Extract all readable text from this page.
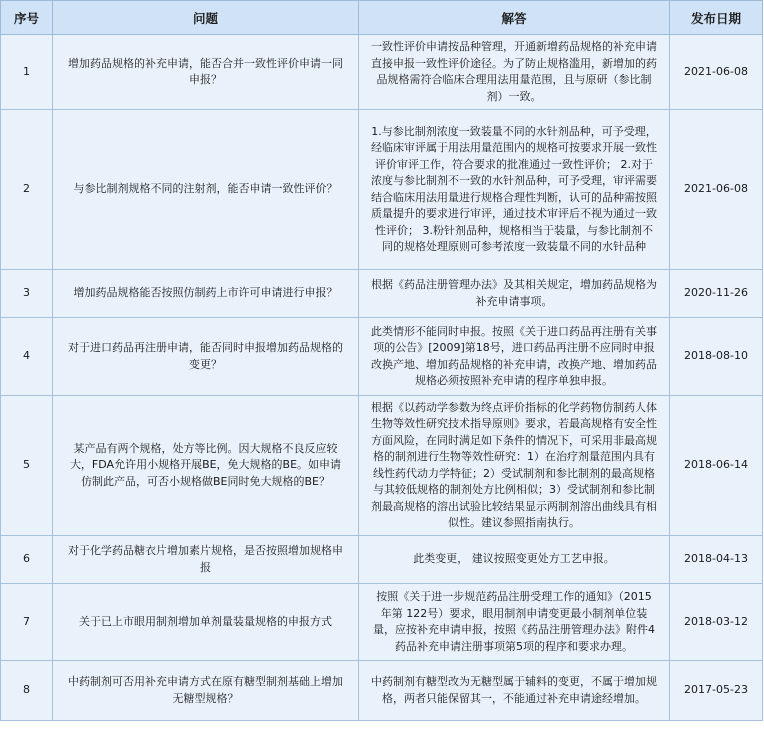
序号	问题	解答	发布日期
1	增加药品规格的补充申请，能否合并一致性评价申请一同申报？	一致性评价申请按品种管理，开通新增药品规格的补充申请直接申报一致性评价途径。为了防止规格滥用，新增加的药品规格需符合临床合理用法用量范围，且与原研（参比制剂）一致。	2021-06-08
2	与参比制剂规格不同的注射剂，能否申请一致性评价？	1.与参比制剂浓度一致装量不同的水针剂品种，可予受理，经临床审评属于用法用量范围内的规格可按要求开展一致性评价审评工作，符合要求的批准通过一致性评价； 2.对于浓度与参比制剂不一致的水针剂品种，可予受理，审评需要结合临床用法用量进行规格合理性判断，认可的品种需按照质量提升的要求进行审评，通过技术审评后不视为通过一致性评价； 3.粉针剂品种，规格相当于装量，与参比制剂不同的规格处理原则可参考浓度一致装量不同的水针品种	2021-06-08
3	增加药品规格能否按照仿制药上市许可申请进行申报？	根据《药品注册管理办法》及其相关规定，增加药品规格为补充申请事项。	2020-11-26
4	对于进口药品再注册申请，能否同时申报增加药品规格的变更？	此类情形不能同时申报。按照《关于进口药品再注册有关事项的公告》[2009]第18号，进口药品再注册不应同时申报改换产地、增加药品规格的补充申请，改换产地、增加药品规格必须按照补充申请的程序单独申报。	2018-08-10
5	某产品有两个规格，处方等比例。因大规格不良反应较大，FDA允许用小规格开展BE，免大规格的BE。如申请仿制此产品，可否小规格做BE同时免大规格的BE？	根据《以药动学参数为终点评价指标的化学药物仿制药人体生物等效性研究技术指导原则》要求，若最高规格有安全性方面风险，在同时满足如下条件的情况下，可采用非最高规格的制剂进行生物等效性研究：1）在治疗剂量范围内具有线性药代动力学特征；2）受试制剂和参比制剂的最高规格与其较低规格的制剂处方比例相似；3）受试制剂和参比制剂最高规格的溶出试验比较结果显示两制剂溶出曲线具有相似性。建议参照指南执行。	2018-06-14
6	对于化学药品糖衣片增加素片规格，是否按照增加规格申报	此类变更， 建议按照变更处方工艺申报。	2018-04-13
7	关于已上市眼用制剂增加单剂量装量规格的申报方式	按照《关于进一步规范药品注册受理工作的通知》（2015年第 122号）要求，眼用制剂申请变更最小制剂单位装量，应按补充申请申报，按照《药品注册管理办法》附件4药品补充申请注册事项第5项的程序和要求办理。	2018-03-12
8	中药制剂可否用补充申请方式在原有糖型制剂基础上增加无糖型规格？	中药制剂有糖型改为无糖型属于辅料的变更，不属于增加规格，两者只能保留其一，不能通过补充申请途经增加。	2017-05-23
